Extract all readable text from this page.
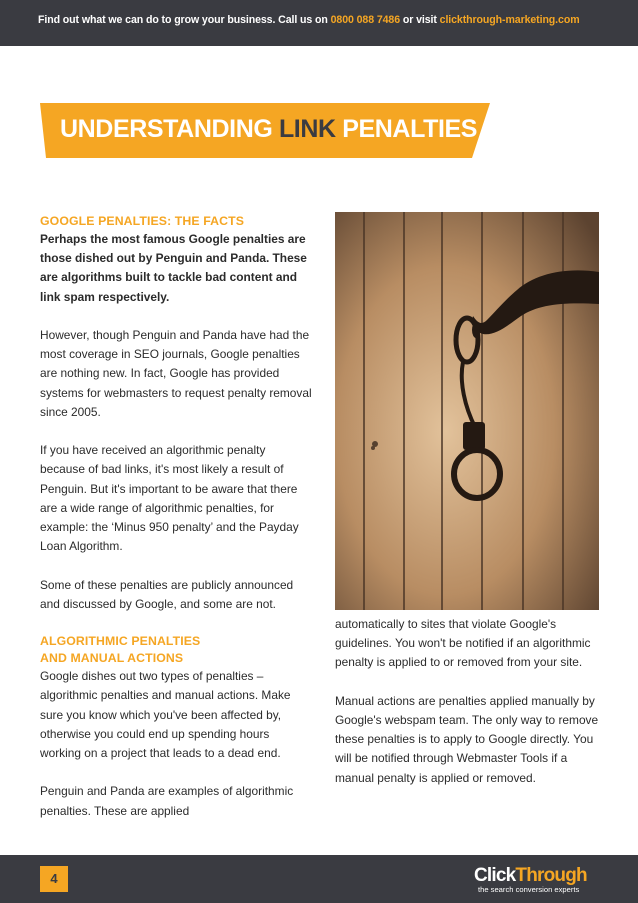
Find out what we can do to grow your business. Call us on 0800 088 7486 or visit clickthrough-marketing.com
UNDERSTANDING LINK PENALTIES
GOOGLE PENALTIES: THE FACTS

Perhaps the most famous Google penalties are those dished out by Penguin and Panda. These are algorithms built to tackle bad content and link spam respectively.

However, though Penguin and Panda have had the most coverage in SEO journals, Google penalties are nothing new. In fact, Google has provided systems for webmasters to request penalty removal since 2005.

If you have received an algorithmic penalty because of bad links, it's most likely a result of Penguin. But it's important to be aware that there are a wide range of algorithmic penalties, for example: the ‘Minus 950 penalty’ and the Payday Loan Algorithm.

Some of these penalties are publicly announced and discussed by Google, and some are not.

ALGORITHMIC PENALTIES
AND MANUAL ACTIONS

Google dishes out two types of penalties – algorithmic penalties and manual actions. Make sure you know which you've been affected by, otherwise you could end up spending hours working on a project that leads to a dead end.

Penguin and Panda are examples of algorithmic penalties. These are applied

automatically to sites that violate Google's guidelines. You won't be notified if an algorithmic penalty is applied to or removed from your site.

Manual actions are penalties applied manually by Google's webspam team. The only way to remove these penalties is to apply to Google directly. You will be notified through Webmaster Tools if a manual penalty is applied or removed.

4	ClickThrough
the search conversion experts
